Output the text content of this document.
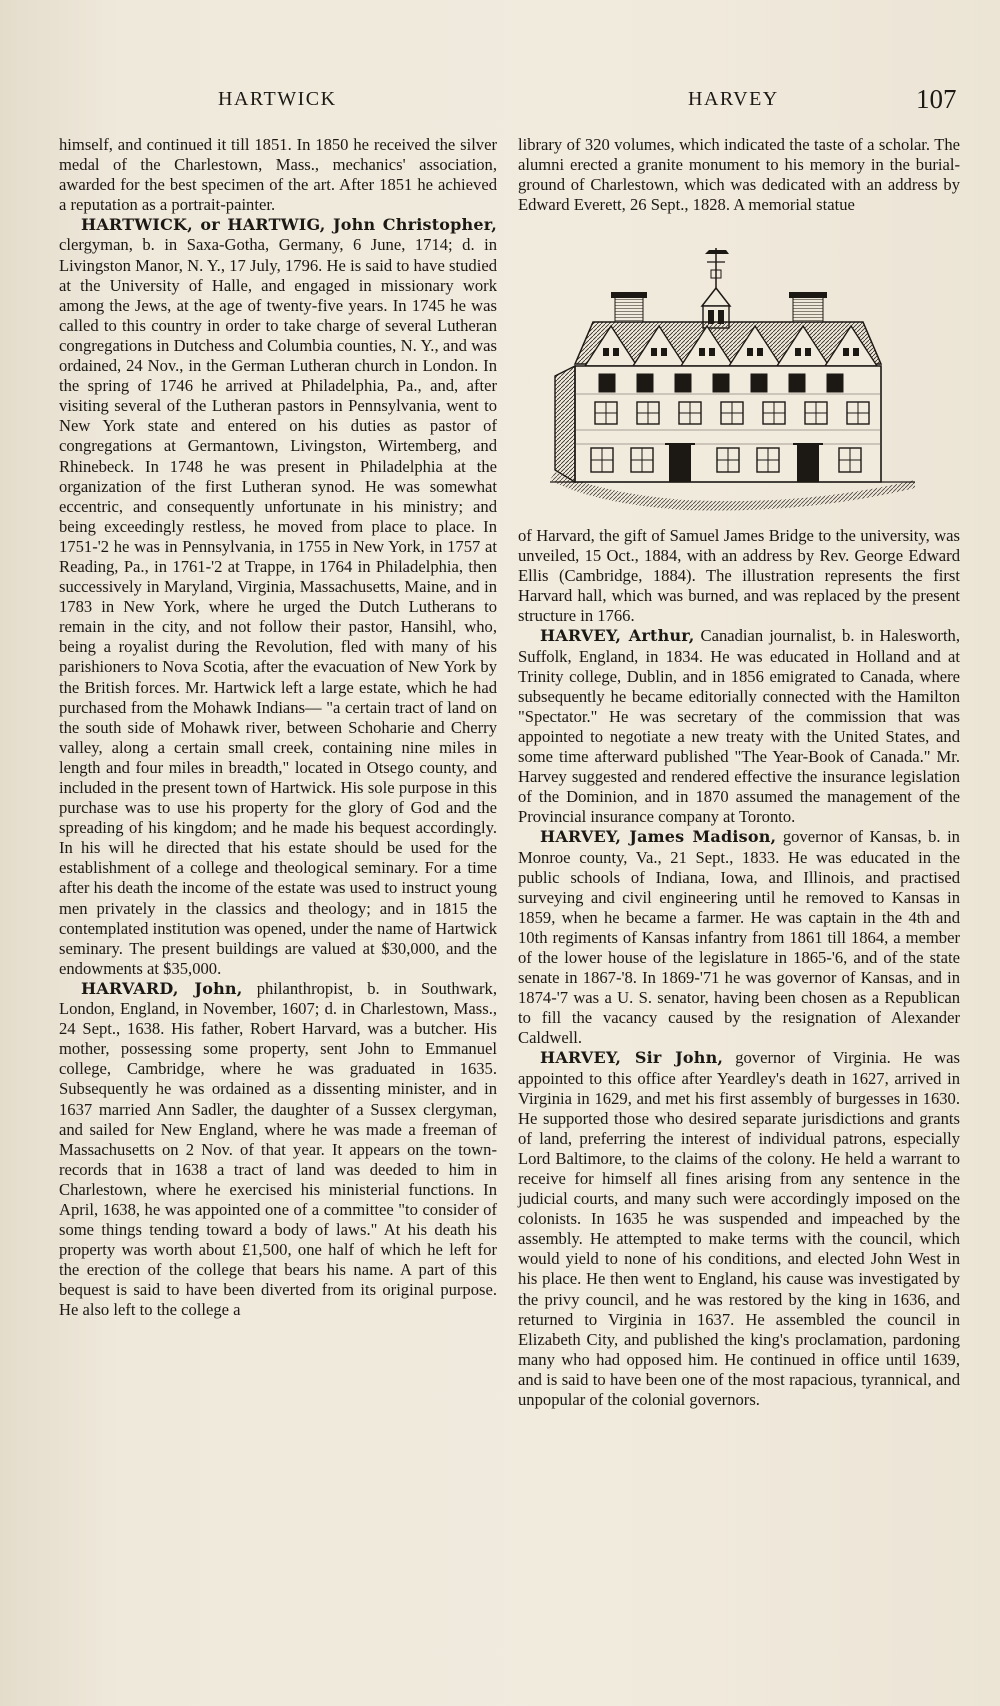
HARTWICK	HARVEY	107

himself, and continued it till 1851. In 1850 he received the silver medal of the Charlestown, Mass., mechanics' association, awarded for the best specimen of the art. After 1851 he achieved a reputation as a portrait-painter.

HARTWICK, or HARTWIG, John Christopher, clergyman, b. in Saxa-Gotha, Germany, 6 June, 1714; d. in Livingston Manor, N. Y., 17 July, 1796. He is said to have studied at the University of Halle, and engaged in missionary work among the Jews, at the age of twenty-five years. In 1745 he was called to this country in order to take charge of several Lutheran congregations in Dutchess and Columbia counties, N. Y., and was ordained, 24 Nov., in the German Lutheran church in London. In the spring of 1746 he arrived at Philadelphia, Pa., and, after visiting several of the Lutheran pastors in Pennsylvania, went to New York state and entered on his duties as pastor of congregations at Germantown, Livingston, Wirtemberg, and Rhinebeck. In 1748 he was present in Philadelphia at the organization of the first Lutheran synod. He was somewhat eccentric, and consequently unfortunate in his ministry; and being exceedingly restless, he moved from place to place. In 1751-'2 he was in Pennsylvania, in 1755 in New York, in 1757 at Reading, Pa., in 1761-'2 at Trappe, in 1764 in Philadelphia, then successively in Maryland, Virginia, Massachusetts, Maine, and in 1783 in New York, where he urged the Dutch Lutherans to remain in the city, and not follow their pastor, Hansihl, who, being a royalist during the Revolution, fled with many of his parishioners to Nova Scotia, after the evacuation of New York by the British forces. Mr. Hartwick left a large estate, which he had purchased from the Mohawk Indians— "a certain tract of land on the south side of Mohawk river, between Schoharie and Cherry valley, along a certain small creek, containing nine miles in length and four miles in breadth," located in Otsego county, and included in the present town of Hartwick. His sole purpose in this purchase was to use his property for the glory of God and the spreading of his kingdom; and he made his bequest accordingly. In his will he directed that his estate should be used for the establishment of a college and theological seminary. For a time after his death the income of the estate was used to instruct young men privately in the classics and theology; and in 1815 the contemplated institution was opened, under the name of Hartwick seminary. The present buildings are valued at $30,000, and the endowments at $35,000.

HARVARD, John, philanthropist, b. in Southwark, London, England, in November, 1607; d. in Charlestown, Mass., 24 Sept., 1638. His father, Robert Harvard, was a butcher. His mother, possessing some property, sent John to Emmanuel college, Cambridge, where he was graduated in 1635. Subsequently he was ordained as a dissenting minister, and in 1637 married Ann Sadler, the daughter of a Sussex clergyman, and sailed for New England, where he was made a freeman of Massachusetts on 2 Nov. of that year. It appears on the town-records that in 1638 a tract of land was deeded to him in Charlestown, where he exercised his ministerial functions. In April, 1638, he was appointed one of a committee "to consider of some things tending toward a body of laws." At his death his property was worth about £1,500, one half of which he left for the erection of the college that bears his name. A part of this bequest is said to have been diverted from its original purpose. He also left to the college a

library of 320 volumes, which indicated the taste of a scholar. The alumni erected a granite monument to his memory in the burial-ground of Charlestown, which was dedicated with an address by Edward Everett, 26 Sept., 1828. A memorial statue

of Harvard, the gift of Samuel James Bridge to the university, was unveiled, 15 Oct., 1884, with an address by Rev. George Edward Ellis (Cambridge, 1884). The illustration represents the first Harvard hall, which was burned, and was replaced by the present structure in 1766.

HARVEY, Arthur, Canadian journalist, b. in Halesworth, Suffolk, England, in 1834. He was educated in Holland and at Trinity college, Dublin, and in 1856 emigrated to Canada, where subsequently he became editorially connected with the Hamilton "Spectator." He was secretary of the commission that was appointed to negotiate a new treaty with the United States, and some time afterward published "The Year-Book of Canada." Mr. Harvey suggested and rendered effective the insurance legislation of the Dominion, and in 1870 assumed the management of the Provincial insurance company at Toronto.

HARVEY, James Madison, governor of Kansas, b. in Monroe county, Va., 21 Sept., 1833. He was educated in the public schools of Indiana, Iowa, and Illinois, and practised surveying and civil engineering until he removed to Kansas in 1859, when he became a farmer. He was captain in the 4th and 10th regiments of Kansas infantry from 1861 till 1864, a member of the lower house of the legislature in 1865-'6, and of the state senate in 1867-'8. In 1869-'71 he was governor of Kansas, and in 1874-'7 was a U. S. senator, having been chosen as a Republican to fill the vacancy caused by the resignation of Alexander Caldwell.

HARVEY, Sir John, governor of Virginia. He was appointed to this office after Yeardley's death in 1627, arrived in Virginia in 1629, and met his first assembly of burgesses in 1630. He supported those who desired separate jurisdictions and grants of land, preferring the interest of individual patrons, especially Lord Baltimore, to the claims of the colony. He held a warrant to receive for himself all fines arising from any sentence in the judicial courts, and many such were accordingly imposed on the colonists. In 1635 he was suspended and impeached by the assembly. He attempted to make terms with the council, which would yield to none of his conditions, and elected John West in his place. He then went to England, his cause was investigated by the privy council, and he was restored by the king in 1636, and returned to Virginia in 1637. He assembled the council in Elizabeth City, and published the king's proclamation, pardoning many who had opposed him. He continued in office until 1639, and is said to have been one of the most rapacious, tyrannical, and unpopular of the colonial governors.
